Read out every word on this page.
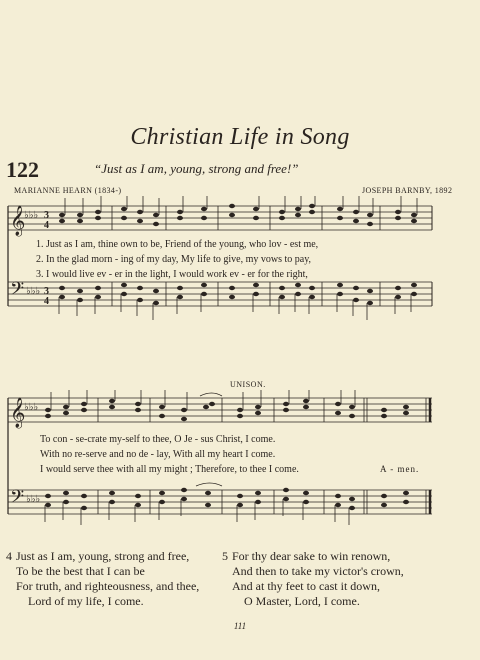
Christian Life in Song
122	“Just as I am, young, strong and free!”
MARIANNE HEARN (1834-)	JOSEPH BARNBY, 1892
𝄞
𝄢
♭♭♭
♭♭♭
3
4
3
4
1. Just as I am, thine own to be, Friend of the young, who lov - est me,
2. In the glad morn - ing of my day, My life to give, my vows to pay,
3. I would live ev - er in the light, I would work ev - er for the right,
UNISON.
𝄞
𝄢
♭♭♭
♭♭♭
To con - se-crate my-self to thee, O Je - sus Christ, I come.
With no re-serve and no de - lay, With all my heart I come.
I would serve thee with all my might ; Therefore, to thee I come.	A - men.
4 Just as I am, young, strong and free,
To be the best that I can be
For truth, and righteousness, and thee,
Lord of my life, I come.
5 For thy dear sake to win renown,
And then to take my victor's crown,
And at thy feet to cast it down,
O Master, Lord, I come.
111
